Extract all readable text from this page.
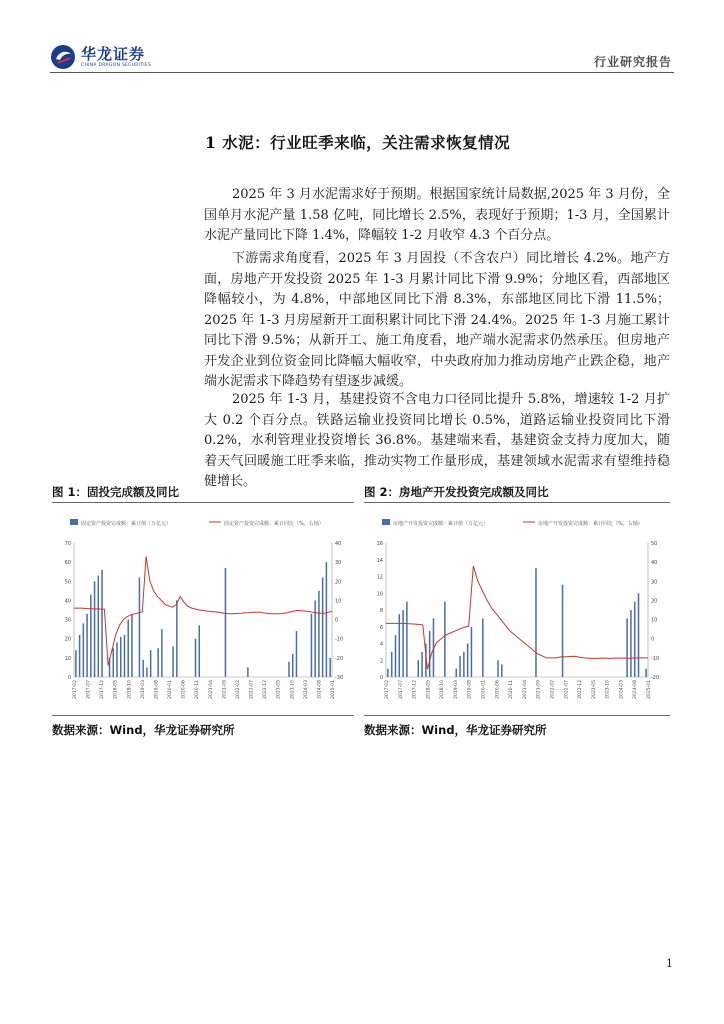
华龙证券
CHINA DRAGON SECURITIES	行业研究报告
1 水泥：行业旺季来临，关注需求恢复情况

2025 年 3 月水泥需求好于预期。根据国家统计局数据,2025 年 3 月份，全国单月水泥产量 1.58 亿吨，同比增长 2.5%，表现好于预期；1-3 月，全国累计水泥产量同比下降 1.4%，降幅较 1-2 月收窄 4.3 个百分点。

下游需求角度看，2025 年 3 月固投（不含农户）同比增长 4.2%。地产方面，房地产开发投资 2025 年 1-3 月累计同比下滑 9.9%；分地区看，西部地区降幅较小，为 4.8%，中部地区同比下滑 8.3%，东部地区同比下滑 11.5%；2025 年 1-3 月房屋新开工面积累计同比下滑 24.4%。2025 年 1-3 月施工累计同比下滑 9.5%；从新开工、施工角度看，地产端水泥需求仍然承压。但房地产开发企业到位资金同比降幅大幅收窄，中央政府加力推动房地产止跌企稳，地产端水泥需求下降趋势有望逐步减缓。

2025 年 1-3 月，基建投资不含电力口径同比提升 5.8%，增速较 1-2 月扩大 0.2 个百分点。铁路运输业投资同比增长 0.5%，道路运输业投资同比下滑 0.2%，水利管理业投资增长 36.8%。基建端来看，基建资金支持力度加大，随着天气回暖施工旺季来临，推动实物工作量形成，基建领域水泥需求有望维持稳健增长。

图 1：固投完成额及同比
固定资产投资完成额：累计值（万亿元）	固定资产投资完成额：累计同比（%，右轴）
0
10
20
30
40
50
60
70
-30
-20
-10
0
10
20
30
40
2017-02 2017-07 2017-12 2018-05 2018-10 2019-03 2019-08 2020-01 2020-06 2020-11 2021-04 2021-09 2022-02 2022-07 2022-12 2023-05 2023-10 2024-03 2024-08 2025-01
数据来源：Wind，华龙证券研究所
图 2：房地产开发投资完成额及同比
房地产开发投资完成额：累计值（万亿元）	房地产开发投资完成额：累计同比（%，右轴）
0
2
4
6
8
10
12
14
16
-20
-10
0
10
20
30
40
50
2017-02 2017-07 2017-12 2018-05 2018-10 2019-03 2019-08 2020-01 2020-06 2020-11 2021-04 2021-09 2022-02 2022-07 2022-12 2023-05 2023-10 2024-03 2024-08 2025-01
数据来源：Wind，华龙证券研究所
1
